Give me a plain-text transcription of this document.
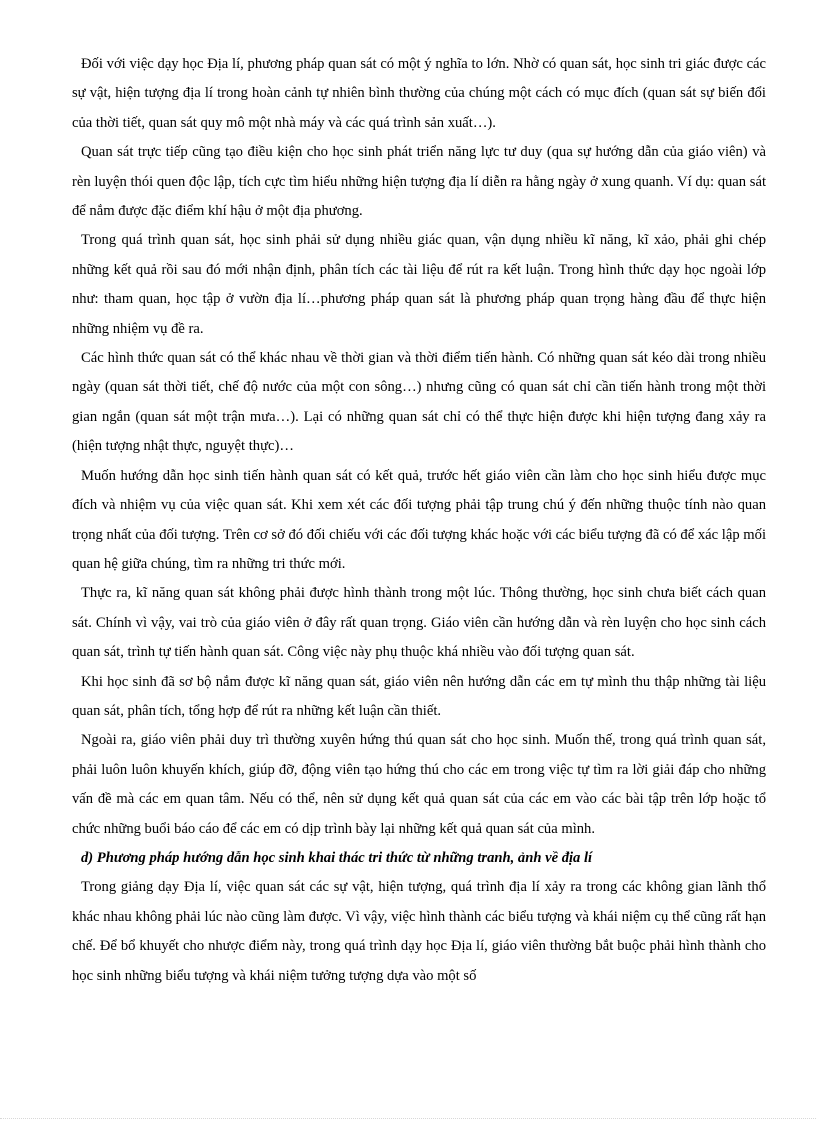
Đối với việc dạy học Địa lí, phương pháp quan sát có một ý nghĩa to lớn. Nhờ có quan sát, học sinh tri giác được các sự vật, hiện tượng địa lí trong hoàn cảnh tự nhiên bình thường của chúng một cách có mục đích (quan sát sự biến đổi của thời tiết, quan sát quy mô một nhà máy và các quá trình sản xuất…).

Quan sát trực tiếp cũng tạo điều kiện cho học sinh phát triển năng lực tư duy (qua sự hướng dẫn của giáo viên) và rèn luyện thói quen độc lập, tích cực tìm hiểu những hiện tượng địa lí diễn ra hằng ngày ở xung quanh. Ví dụ: quan sát để nắm được đặc điểm khí hậu ở một địa phương.

Trong quá trình quan sát, học sinh phải sử dụng nhiều giác quan, vận dụng nhiều kĩ năng, kĩ xảo, phải ghi chép những kết quả rồi sau đó mới nhận định, phân tích các tài liệu để rút ra kết luận. Trong hình thức dạy học ngoài lớp như: tham quan, học tập ở vườn địa lí…phương pháp quan sát là phương pháp quan trọng hàng đầu để thực hiện những nhiệm vụ đề ra.

Các hình thức quan sát có thể khác nhau về thời gian và thời điểm tiến hành. Có những quan sát kéo dài trong nhiều ngày (quan sát thời tiết, chế độ nước của một con sông…) nhưng cũng có quan sát chỉ cần tiến hành trong một thời gian ngắn (quan sát một trận mưa…). Lại có những quan sát chỉ có thể thực hiện được khi hiện tượng đang xảy ra (hiện tượng nhật thực, nguyệt thực)…

Muốn hướng dẫn học sinh tiến hành quan sát có kết quả, trước hết giáo viên cần làm cho học sinh hiểu được mục đích và nhiệm vụ của việc quan sát. Khi xem xét các đối tượng phải tập trung chú ý đến những thuộc tính nào quan trọng nhất của đối tượng. Trên cơ sở đó đối chiếu với các đối tượng khác hoặc với các biểu tượng đã có để xác lập mối quan hệ giữa chúng, tìm ra những tri thức mới.

Thực ra, kĩ năng quan sát không phải được hình thành trong một lúc. Thông thường, học sinh chưa biết cách quan sát. Chính vì vậy, vai trò của giáo viên ở đây rất quan trọng. Giáo viên cần hướng dẫn và rèn luyện cho học sinh cách quan sát, trình tự tiến hành quan sát. Công việc này phụ thuộc khá nhiều vào đối tượng quan sát.

Khi học sinh đã sơ bộ nắm được kĩ năng quan sát, giáo viên nên hướng dẫn các em tự mình thu thập những tài liệu quan sát, phân tích, tổng hợp để rút ra những kết luận cần thiết.

Ngoài ra, giáo viên phải duy trì thường xuyên hứng thú quan sát cho học sinh. Muốn thế, trong quá trình quan sát, phải luôn luôn khuyến khích, giúp đỡ, động viên tạo hứng thú cho các em trong việc tự tìm ra lời giải đáp cho những vấn đề mà các em quan tâm. Nếu có thể, nên sử dụng kết quả quan sát của các em vào các bài tập trên lớp hoặc tổ chức những buổi báo cáo để các em có dịp trình bày lại những kết quả quan sát của mình.

d) Phương pháp hướng dẫn học sinh khai thác tri thức từ những tranh, ảnh về địa lí

Trong giảng dạy Địa lí, việc quan sát các sự vật, hiện tượng, quá trình địa lí xảy ra trong các không gian lãnh thổ khác nhau không phải lúc nào cũng làm được. Vì vậy, việc hình thành các biểu tượng và khái niệm cụ thể cũng rất hạn chế. Để bổ khuyết cho nhược điểm này, trong quá trình dạy học Địa lí, giáo viên thường bắt buộc phải hình thành cho học sinh những biểu tượng và khái niệm tưởng tượng dựa vào một số
